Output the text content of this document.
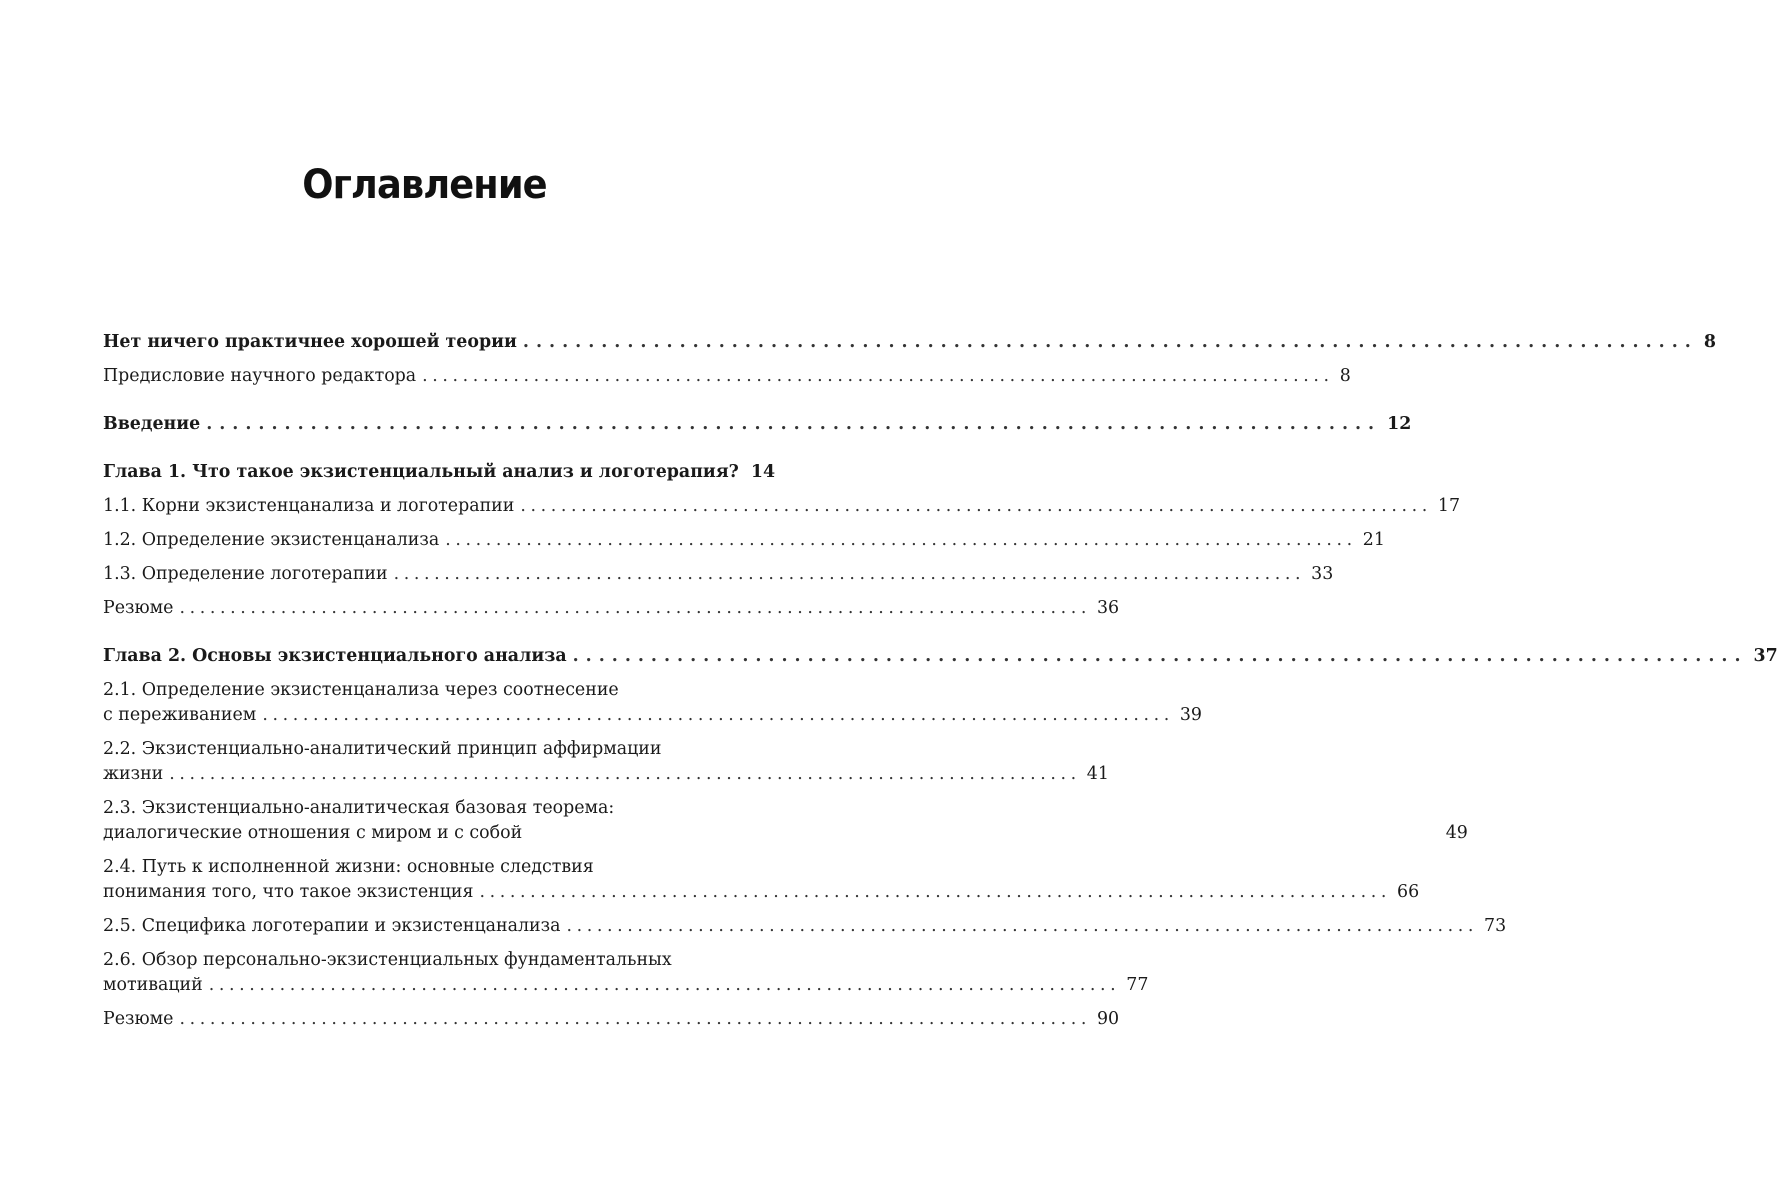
Оглавление
Нет ничего практичнее хорошей теории .......................................................................................... 8
Предисловие научного редактора .......................................................................................... 8
Введение .......................................................................................... 12
Глава 1. Что такое экзистенциальный анализ и логотерапия? 14
1.1. Корни экзистенцанализа и логотерапии .......................................................................................... 17
1.2. Определение экзистенцанализа .......................................................................................... 21
1.3. Определение логотерапии .......................................................................................... 33
Резюме .......................................................................................... 36
Глава 2. Основы экзистенциального анализа .......................................................................................... 37
2.1. Определение экзистенцанализа через соотнесение
с переживанием .......................................................................................... 39
2.2. Экзистенциально-аналитический принцип аффирмации
жизни .......................................................................................... 41
2.3. Экзистенциально-аналитическая базовая теорема:
диалогические отношения с миром и с собой	49
2.4. Путь к исполненной жизни: основные следствия
понимания того, что такое экзистенция .......................................................................................... 66
2.5. Специфика логотерапии и экзистенцанализа .......................................................................................... 73
2.6. Обзор персонально-экзистенциальных фундаментальных
мотиваций .......................................................................................... 77
Резюме .......................................................................................... 90
